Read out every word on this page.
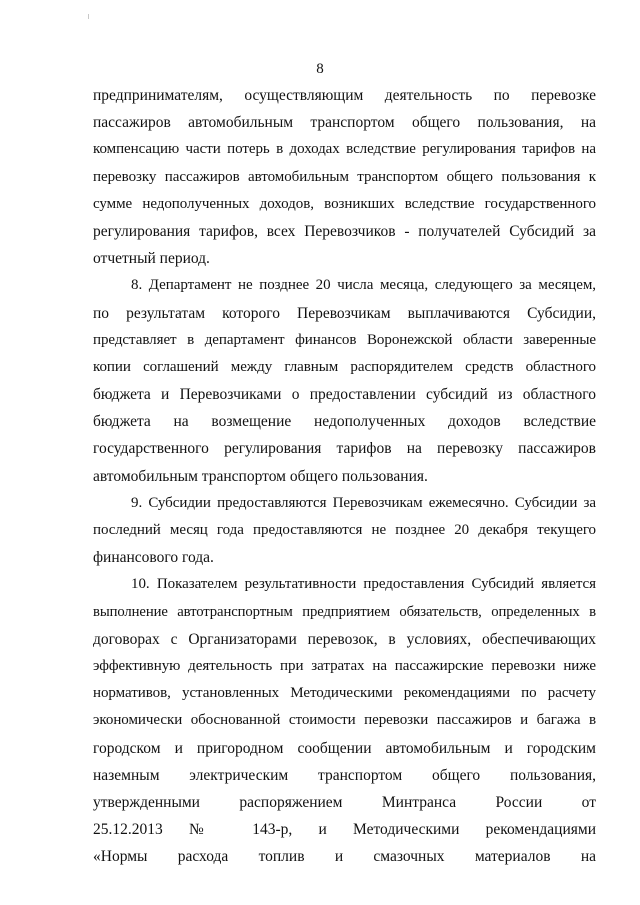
8
предпринимателям, осуществляющим деятельность по перевозке
пассажиров автомобильным транспортом общего пользования, на
компенсацию части потерь в доходах вследствие регулирования тарифов на
перевозку пассажиров автомобильным транспортом общего пользования к
сумме недополученных доходов, возникших вследствие государственного
регулирования тарифов, всех Перевозчиков - получателей Субсидий за
отчетный период.
8. Департамент не позднее 20 числа месяца, следующего за месяцем,
по результатам которого Перевозчикам выплачиваются Субсидии,
представляет в департамент финансов Воронежской области заверенные
копии соглашений между главным распорядителем средств областного
бюджета и Перевозчиками о предоставлении субсидий из областного
бюджета на возмещение недополученных доходов вследствие
государственного регулирования тарифов на перевозку пассажиров
автомобильным транспортом общего пользования.
9. Субсидии предоставляются Перевозчикам ежемесячно. Субсидии за
последний месяц года предоставляются не позднее 20 декабря текущего
финансового года.
10. Показателем результативности предоставления Субсидий является
выполнение автотранспортным предприятием обязательств, определенных в
договорах с Организаторами перевозок, в условиях, обеспечивающих
эффективную деятельность при затратах на пассажирские перевозки ниже
нормативов, установленных Методическими рекомендациями по расчету
экономически обоснованной стоимости перевозки пассажиров и багажа в
городском и пригородном сообщении автомобильным и городским
наземным электрическим транспортом общего пользования,
утвержденными распоряжением Минтранса России от
25.12.2013 № 143-р, и Методическими рекомендациями
«Нормы расхода топлив и смазочных материалов на
